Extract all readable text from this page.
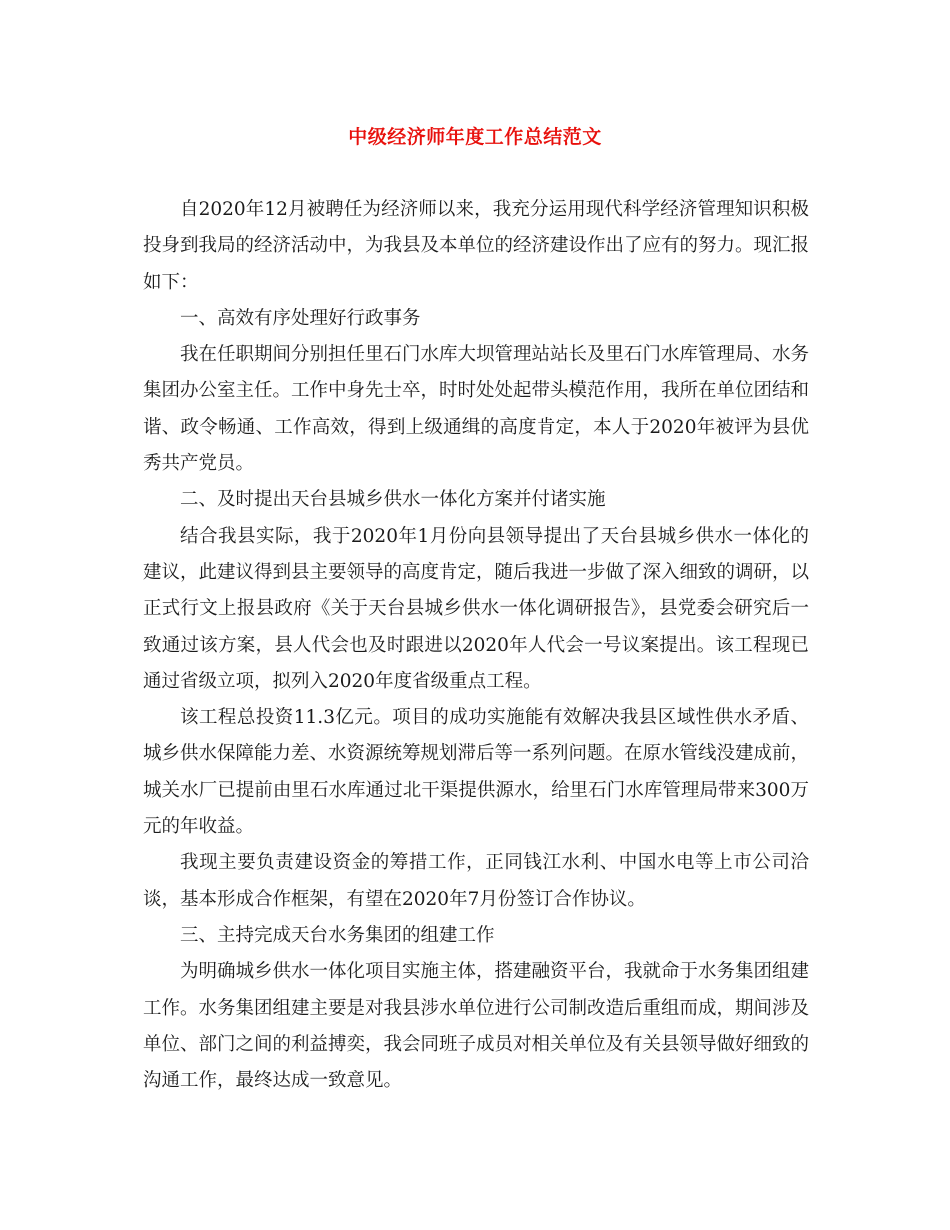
中级经济师年度工作总结范文

自2020年12月被聘任为经济师以来，我充分运用现代科学经济管理知识积极投身到我局的经济活动中，为我县及本单位的经济建设作出了应有的努力。现汇报如下：

一、高效有序处理好行政事务

我在任职期间分别担任里石门水库大坝管理站站长及里石门水库管理局、水务集团办公室主任。工作中身先士卒，时时处处起带头模范作用，我所在单位团结和谐、政令畅通、工作高效，得到上级通缉的高度肯定，本人于2020年被评为县优秀共产党员。

二、及时提出天台县城乡供水一体化方案并付诸实施

结合我县实际，我于2020年1月份向县领导提出了天台县城乡供水一体化的建议，此建议得到县主要领导的高度肯定，随后我进一步做了深入细致的调研，以正式行文上报县政府《关于天台县城乡供水一体化调研报告》，县党委会研究后一致通过该方案，县人代会也及时跟进以2020年人代会一号议案提出。该工程现已通过省级立项，拟列入2020年度省级重点工程。

该工程总投资11.3亿元。项目的成功实施能有效解决我县区域性供水矛盾、城乡供水保障能力差、水资源统筹规划滞后等一系列问题。在原水管线没建成前，城关水厂已提前由里石水库通过北干渠提供源水，给里石门水库管理局带来300万元的年收益。

我现主要负责建设资金的筹措工作，正同钱江水利、中国水电等上市公司洽谈，基本形成合作框架，有望在2020年7月份签订合作协议。

三、主持完成天台水务集团的组建工作

为明确城乡供水一体化项目实施主体，搭建融资平台，我就命于水务集团组建工作。水务集团组建主要是对我县涉水单位进行公司制改造后重组而成，期间涉及单位、部门之间的利益搏奕，我会同班子成员对相关单位及有关县领导做好细致的沟通工作，最终达成一致意见。
